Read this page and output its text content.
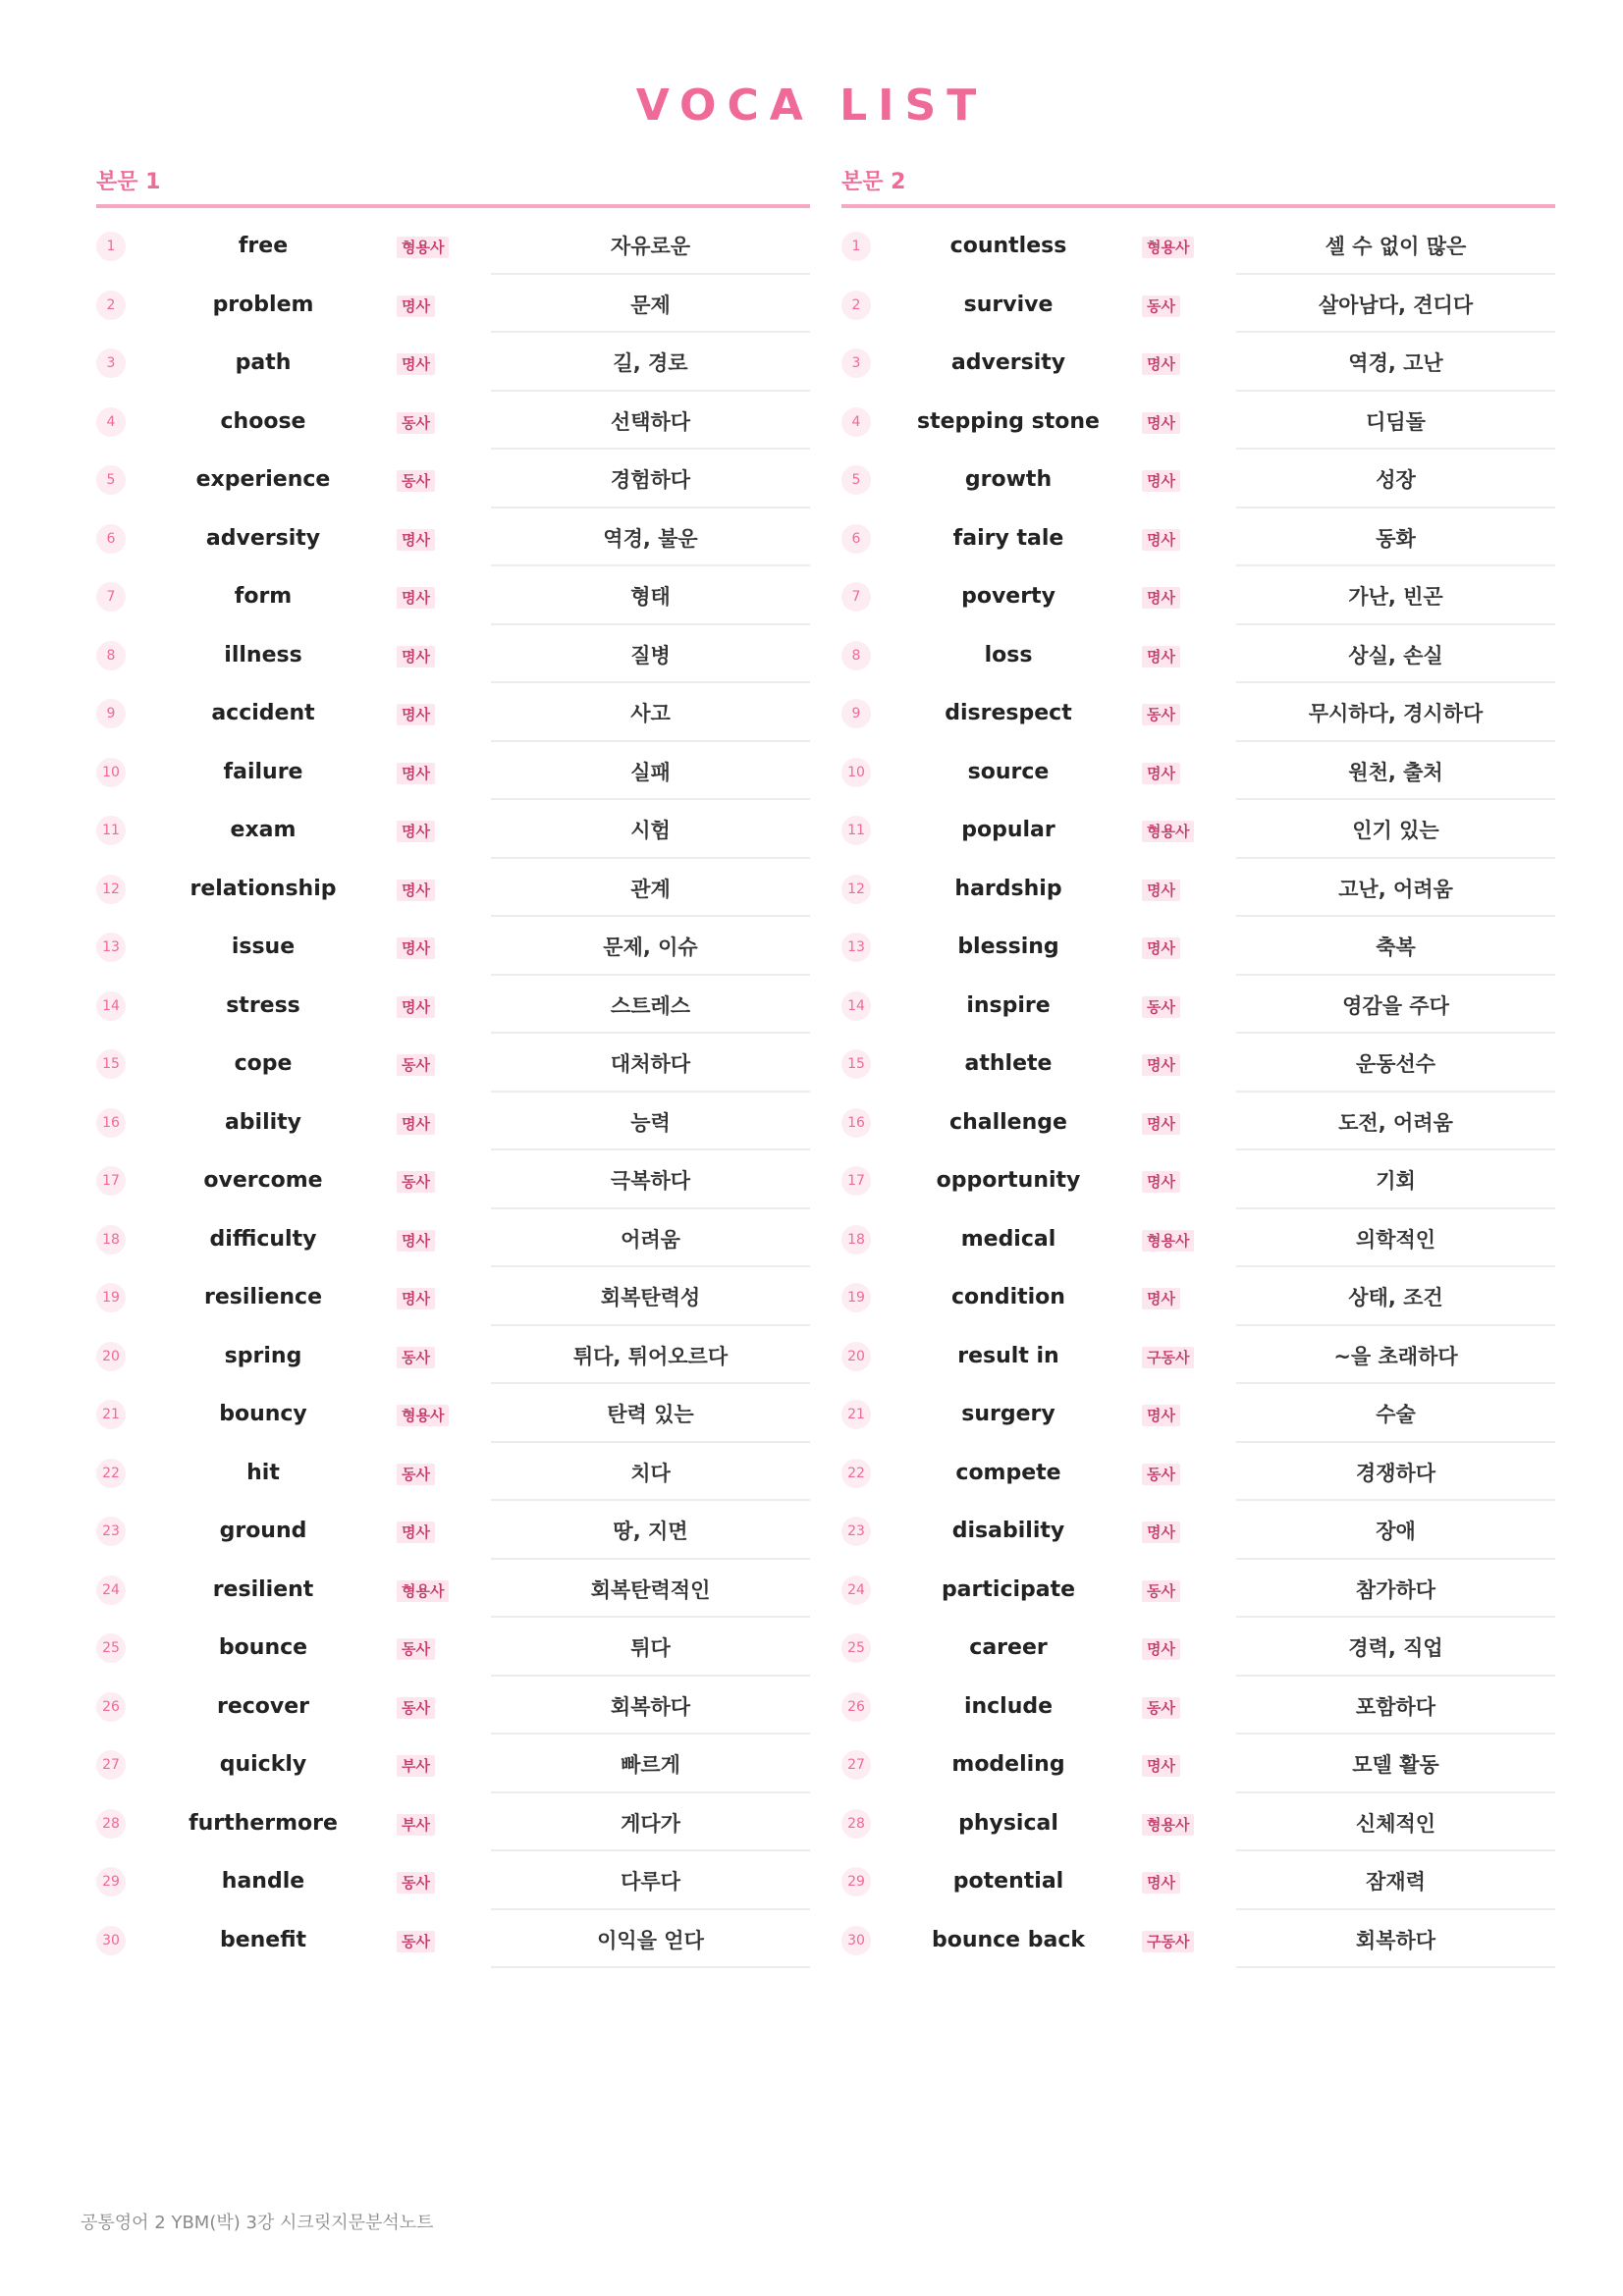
VOCA LIST
본문 1
1	free	형용사	자유로운
2	problem	명사	문제
3	path	명사	길, 경로
4	choose	동사	선택하다
5	experience	동사	경험하다
6	adversity	명사	역경, 불운
7	form	명사	형태
8	illness	명사	질병
9	accident	명사	사고
10	failure	명사	실패
11	exam	명사	시험
12	relationship	명사	관계
13	issue	명사	문제, 이슈
14	stress	명사	스트레스
15	cope	동사	대처하다
16	ability	명사	능력
17	overcome	동사	극복하다
18	difficulty	명사	어려움
19	resilience	명사	회복탄력성
20	spring	동사	튀다, 튀어오르다
21	bouncy	형용사	탄력 있는
22	hit	동사	치다
23	ground	명사	땅, 지면
24	resilient	형용사	회복탄력적인
25	bounce	동사	튀다
26	recover	동사	회복하다
27	quickly	부사	빠르게
28	furthermore	부사	게다가
29	handle	동사	다루다
30	benefit	동사	이익을 얻다
본문 2
1	countless	형용사	셀 수 없이 많은
2	survive	동사	살아남다, 견디다
3	adversity	명사	역경, 고난
4	stepping stone	명사	디딤돌
5	growth	명사	성장
6	fairy tale	명사	동화
7	poverty	명사	가난, 빈곤
8	loss	명사	상실, 손실
9	disrespect	동사	무시하다, 경시하다
10	source	명사	원천, 출처
11	popular	형용사	인기 있는
12	hardship	명사	고난, 어려움
13	blessing	명사	축복
14	inspire	동사	영감을 주다
15	athlete	명사	운동선수
16	challenge	명사	도전, 어려움
17	opportunity	명사	기회
18	medical	형용사	의학적인
19	condition	명사	상태, 조건
20	result in	구동사	~을 초래하다
21	surgery	명사	수술
22	compete	동사	경쟁하다
23	disability	명사	장애
24	participate	동사	참가하다
25	career	명사	경력, 직업
26	include	동사	포함하다
27	modeling	명사	모델 활동
28	physical	형용사	신체적인
29	potential	명사	잠재력
30	bounce back	구동사	회복하다
공통영어 2 YBM(박) 3강 시크릿지문분석노트
